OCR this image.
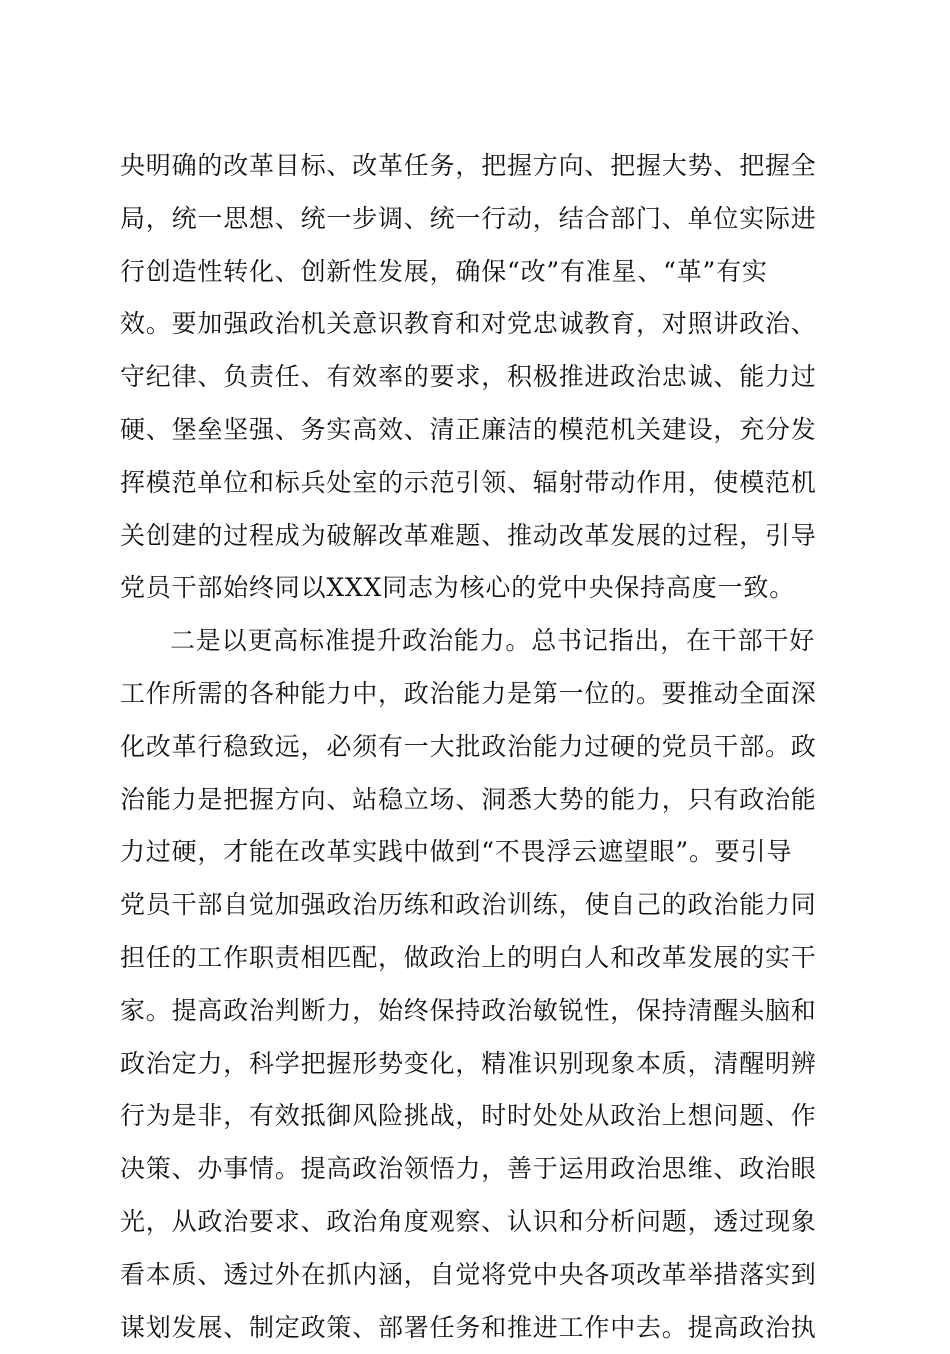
央明确的改革目标、改革任务，把握方向、把握大势、把握全
局，统一思想、统一步调、统一行动，结合部门、单位实际进
行创造性转化、创新性发展，确保“改”有准星、“革”有实
效。要加强政治机关意识教育和对党忠诚教育，对照讲政治、
守纪律、负责任、有效率的要求，积极推进政治忠诚、能力过
硬、堡垒坚强、务实高效、清正廉洁的模范机关建设，充分发
挥模范单位和标兵处室的示范引领、辐射带动作用，使模范机
关创建的过程成为破解改革难题、推动改革发展的过程，引导
党员干部始终同以XXX同志为核心的党中央保持高度一致。
二是以更高标准提升政治能力。总书记指出，在干部干好
工作所需的各种能力中，政治能力是第一位的。要推动全面深
化改革行稳致远，必须有一大批政治能力过硬的党员干部。政
治能力是把握方向、站稳立场、洞悉大势的能力，只有政治能
力过硬，才能在改革实践中做到“不畏浮云遮望眼”。要引导
党员干部自觉加强政治历练和政治训练，使自己的政治能力同
担任的工作职责相匹配，做政治上的明白人和改革发展的实干
家。提高政治判断力，始终保持政治敏锐性，保持清醒头脑和
政治定力，科学把握形势变化，精准识别现象本质，清醒明辨
行为是非，有效抵御风险挑战，时时处处从政治上想问题、作
决策、办事情。提高政治领悟力，善于运用政治思维、政治眼
光，从政治要求、政治角度观察、认识和分析问题，透过现象
看本质、透过外在抓内涵，自觉将党中央各项改革举措落实到
谋划发展、制定政策、部署任务和推进工作中去。提高政治执
